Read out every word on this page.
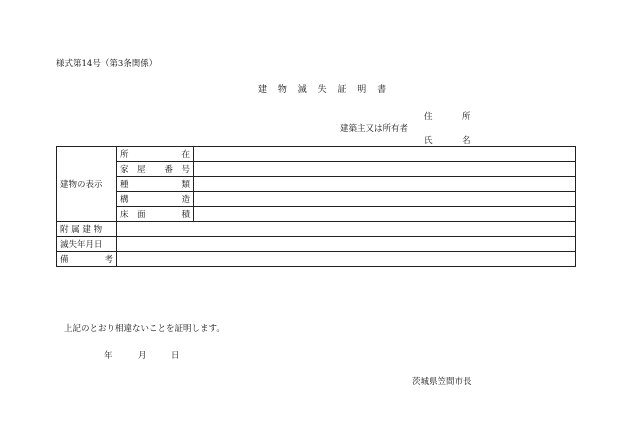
様式第14号（第3条関係）
建 物 滅 失 証 明 書
住	所
建築主又は所有者
氏	名
建物の表示	所 在	

	家　屋 番　号	

	種 類	

	構 造	

	床　面 積	

附 属 建 物		
滅失年月日		

備 考		

上記のとおり相違ないことを証明します。
年	月	日
茨城県笠間市長
